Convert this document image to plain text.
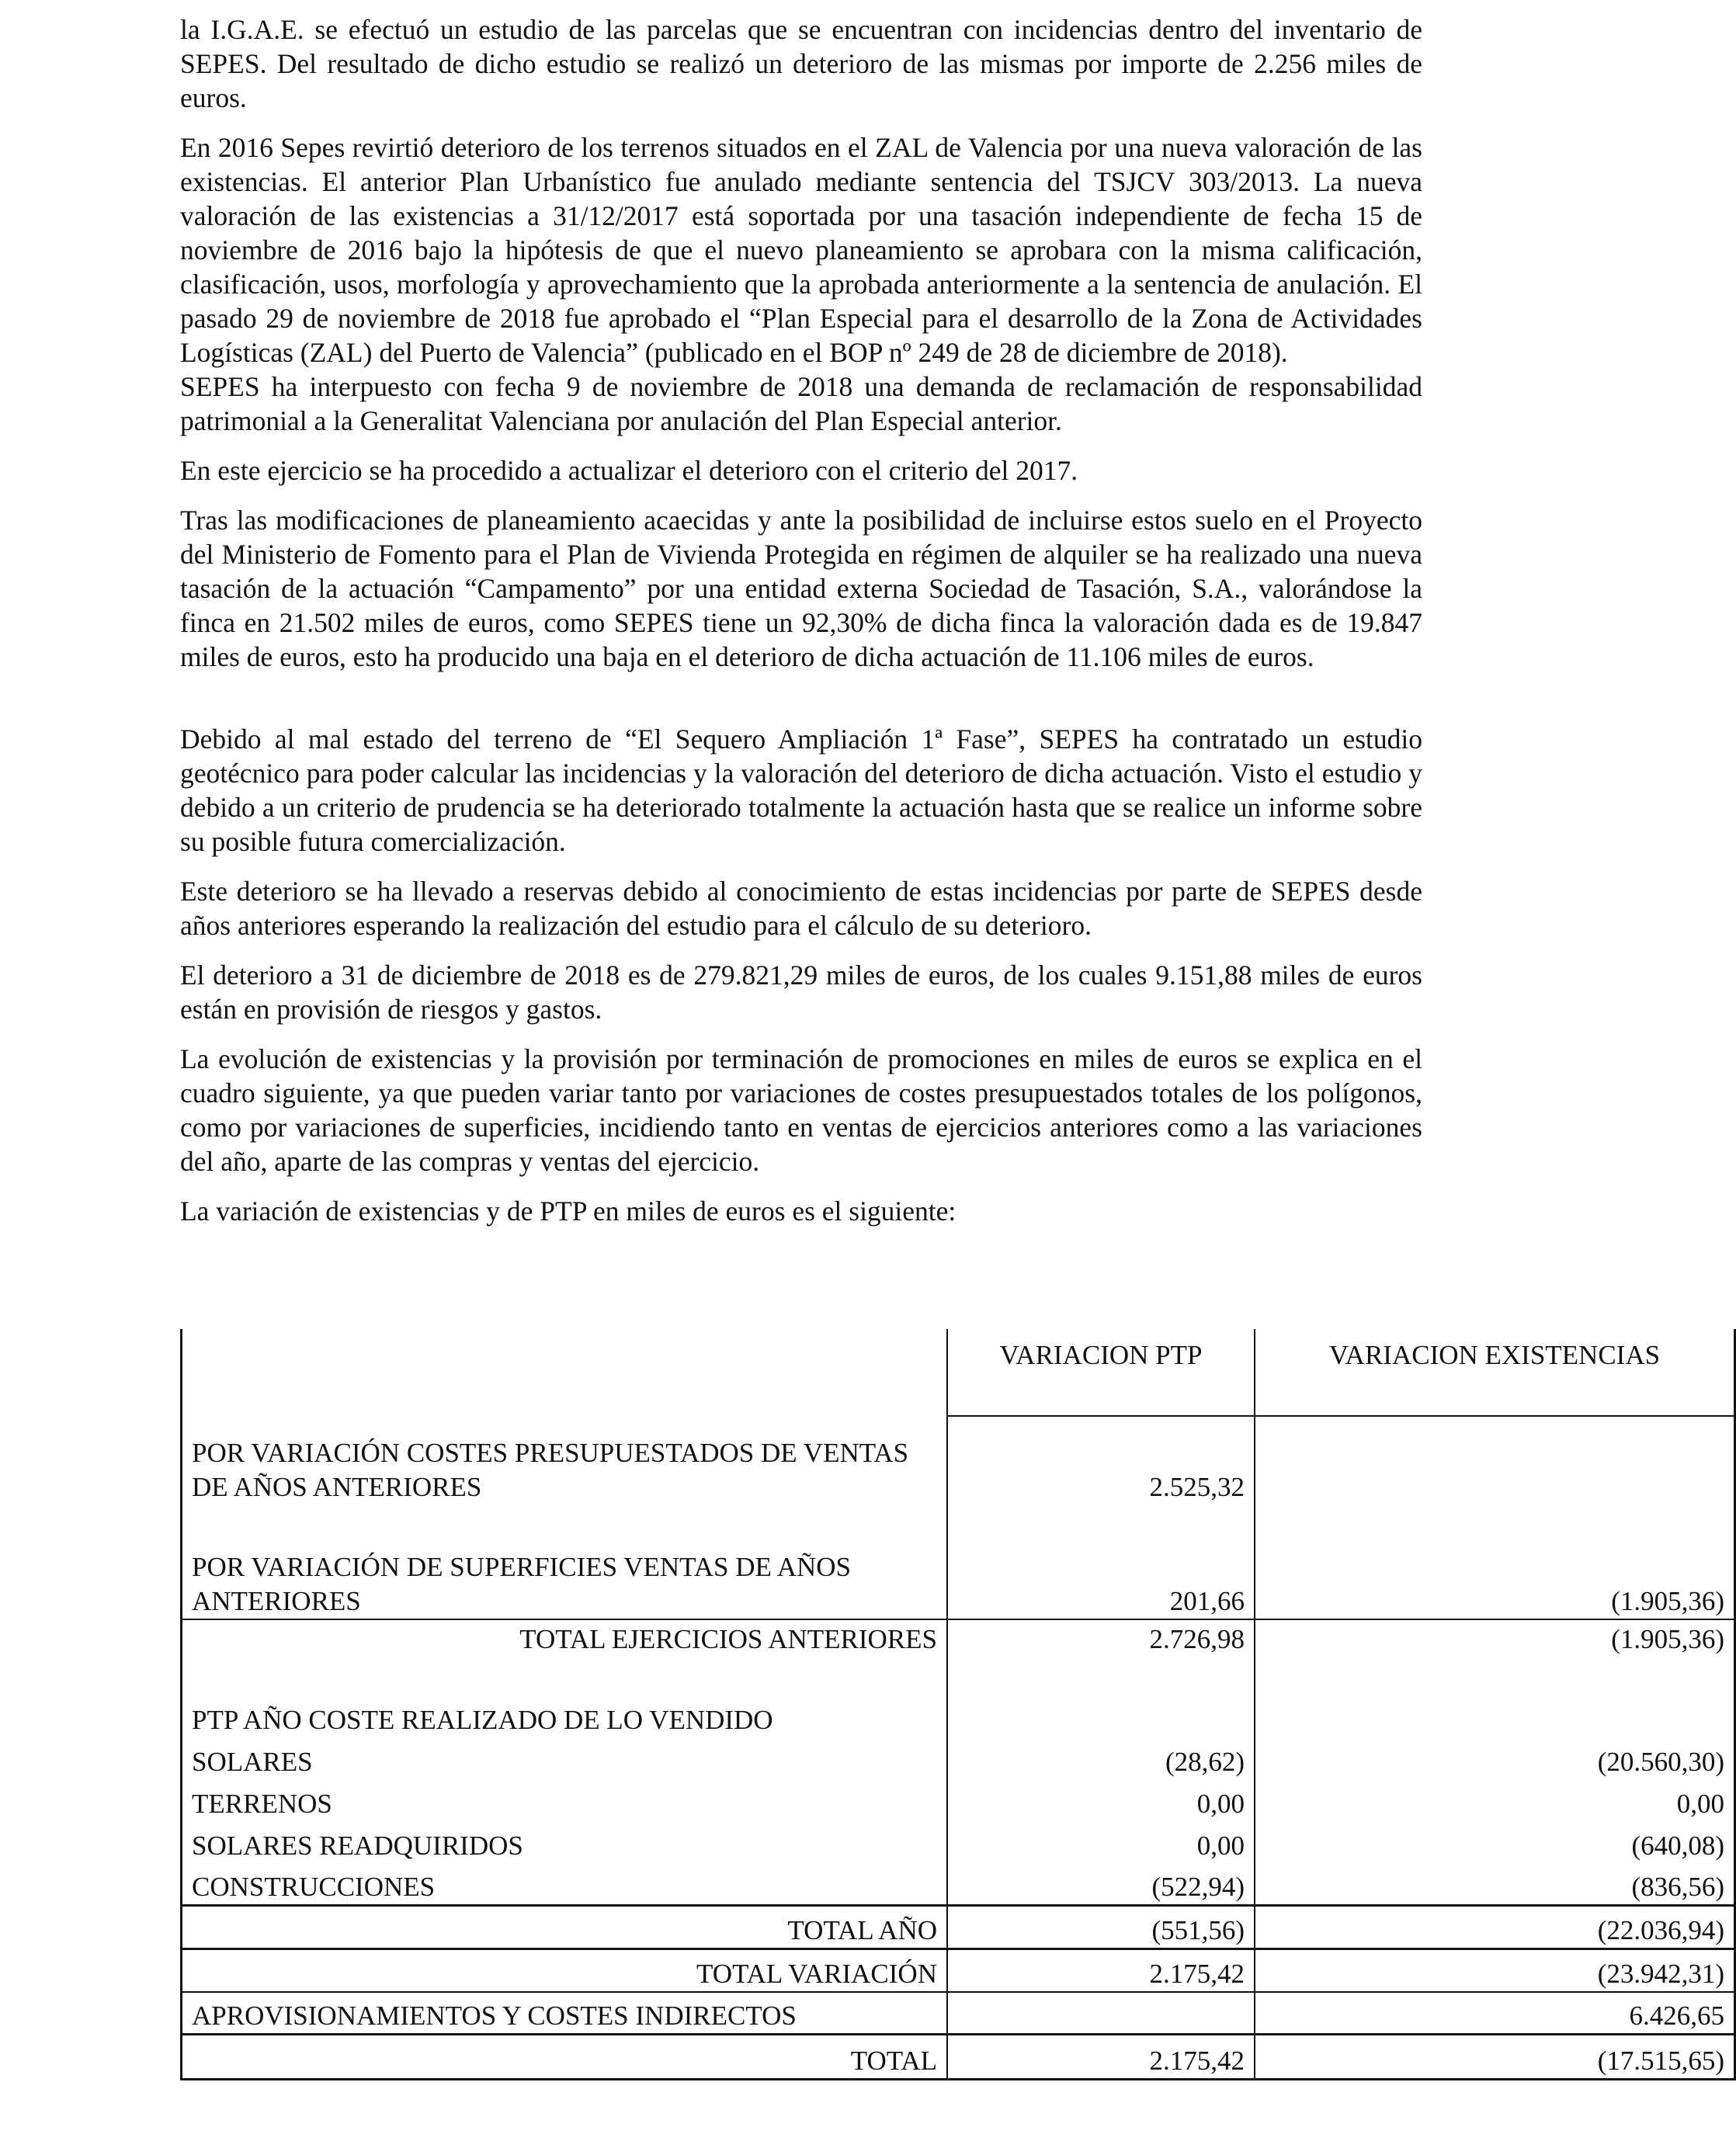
la I.G.A.E. se efectuó un estudio de las parcelas que se encuentran con incidencias dentro del inventario de SEPES. Del resultado de dicho estudio se realizó un deterioro de las mismas por importe de 2.256 miles de euros.

En 2016 Sepes revirtió deterioro de los terrenos situados en el ZAL de Valencia por una nueva valoración de las existencias. El anterior Plan Urbanístico fue anulado mediante sentencia del TSJCV 303/2013. La nueva valoración de las existencias a 31/12/2017 está soportada por una tasación independiente de fecha 15 de noviembre de 2016 bajo la hipótesis de que el nuevo planeamiento se aprobara con la misma calificación, clasificación, usos, morfología y aprovechamiento que la aprobada anteriormente a la sentencia de anulación. El pasado 29 de noviembre de 2018 fue aprobado el “Plan Especial para el desarrollo de la Zona de Actividades Logísticas (ZAL) del Puerto de Valencia” (publicado en el BOP nº 249 de 28 de diciembre de 2018).

SEPES ha interpuesto con fecha 9 de noviembre de 2018 una demanda de reclamación de responsabilidad patrimonial a la Generalitat Valenciana por anulación del Plan Especial anterior.

En este ejercicio se ha procedido a actualizar el deterioro con el criterio del 2017.

Tras las modificaciones de planeamiento acaecidas y ante la posibilidad de incluirse estos suelo en el Proyecto del Ministerio de Fomento para el Plan de Vivienda Protegida en régimen de alquiler se ha realizado una nueva tasación de la actuación “Campamento” por una entidad externa Sociedad de Tasación, S.A., valorándose la finca en 21.502 miles de euros, como SEPES tiene un 92,30% de dicha finca la valoración dada es de 19.847 miles de euros, esto ha producido una baja en el deterioro de dicha actuación de 11.106 miles de euros.

Debido al mal estado del terreno de “El Sequero Ampliación 1ª Fase”, SEPES ha contratado un estudio geotécnico para poder calcular las incidencias y la valoración del deterioro de dicha actuación. Visto el estudio y debido a un criterio de prudencia se ha deteriorado totalmente la actuación hasta que se realice un informe sobre su posible futura comercialización.

Este deterioro se ha llevado a reservas debido al conocimiento de estas incidencias por parte de SEPES desde años anteriores esperando la realización del estudio para el cálculo de su deterioro.

El deterioro a 31 de diciembre de 2018 es de 279.821,29 miles de euros, de los cuales 9.151,88 miles de euros están en provisión de riesgos y gastos.

La evolución de existencias y la provisión por terminación de promociones en miles de euros se explica en el cuadro siguiente, ya que pueden variar tanto por variaciones de costes presupuestados totales de los polígonos, como por variaciones de superficies, incidiendo tanto en ventas de ejercicios anteriores como a las variaciones del año, aparte de las compras y ventas del ejercicio.

La variación de existencias y de PTP en miles de euros es el siguiente:

	VARIACION PTP	VARIACION EXISTENCIAS
POR VARIACIÓN COSTES PRESUPUESTADOS DE VENTAS DE AÑOS ANTERIORES	2.525,32	
POR VARIACIÓN DE SUPERFICIES VENTAS DE AÑOS ANTERIORES	201,66	(1.905,36)
TOTAL EJERCICIOS ANTERIORES	2.726,98	(1.905,36)
PTP AÑO COSTE REALIZADO DE LO VENDIDO		
SOLARES	(28,62)	(20.560,30)
TERRENOS	0,00	0,00
SOLARES READQUIRIDOS	0,00	(640,08)
CONSTRUCCIONES	(522,94)	(836,56)
TOTAL AÑO	(551,56)	(22.036,94)
TOTAL VARIACIÓN	2.175,42	(23.942,31)
APROVISIONAMIENTOS Y COSTES INDIRECTOS		6.426,65
TOTAL	2.175,42	(17.515,65)
